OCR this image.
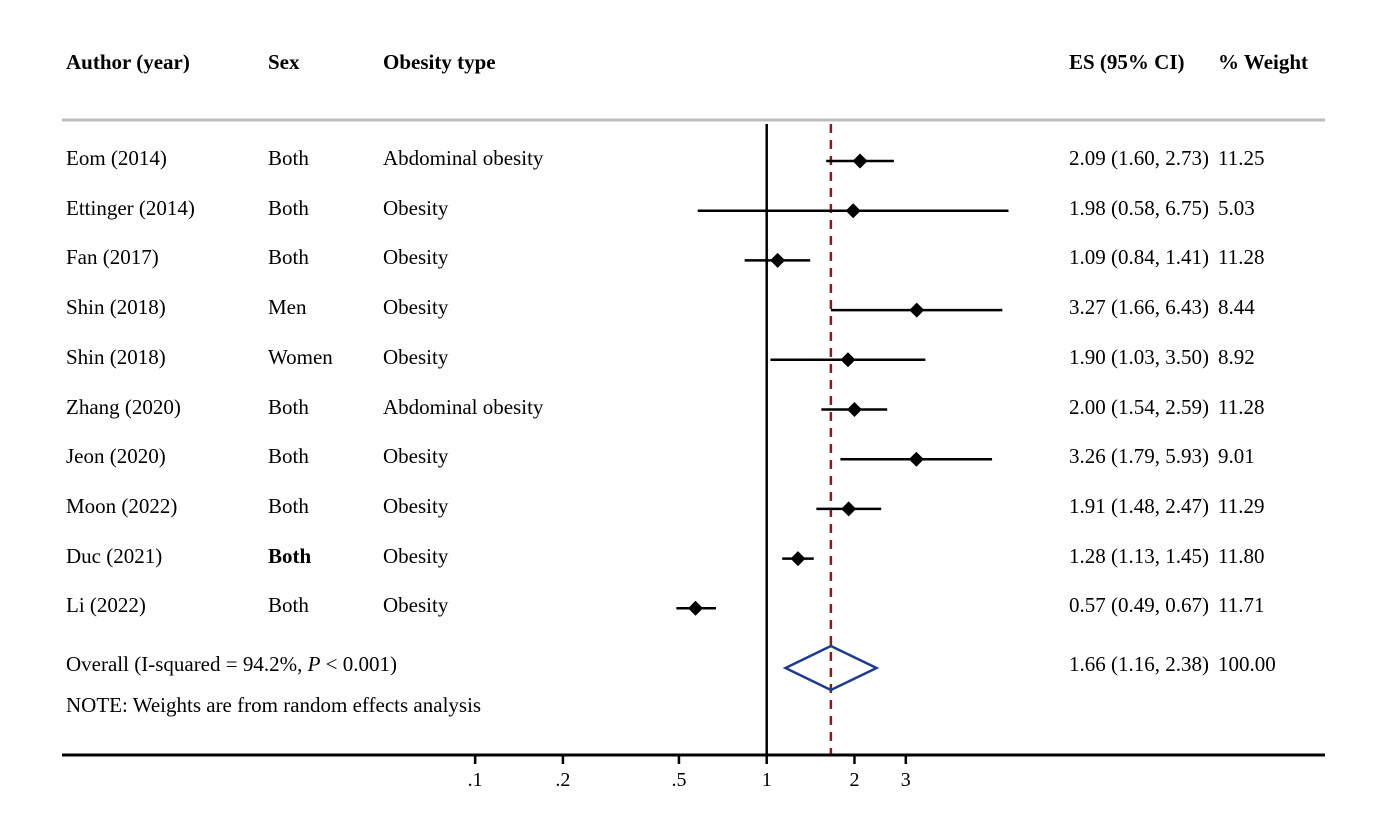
Author (year)	Sex	Obesity type	ES (95% CI) % Weight
Eom (2014)	Both	Abdominal obesity	2.09 (1.60, 2.73) 11.25
Ettinger (2014)	Both	Obesity	1.98 (0.58, 6.75) 5.03
Fan (2017)	Both	Obesity	1.09 (0.84, 1.41) 11.28
Shin (2018)	Men	Obesity	3.27 (1.66, 6.43) 8.44
Shin (2018)	Women Obesity	1.90 (1.03, 3.50) 8.92
Zhang (2020)	Both	Abdominal obesity	2.00 (1.54, 2.59) 11.28
Jeon (2020)	Both	Obesity	3.26 (1.79, 5.93) 9.01
Moon (2022)	Both	Obesity	1.91 (1.48, 2.47) 11.29
Duc (2021)	Both	Obesity	1.28 (1.13, 1.45) 11.80
Li (2022)	Both	Obesity	0.57 (0.49, 0.67) 11.71
Overall (I-squared = 94.2%, P < 0.001)	1.66 (1.16, 2.38) 100.00
NOTE: Weights are from random effects analysis
.1	.2	.5	1	2	3
